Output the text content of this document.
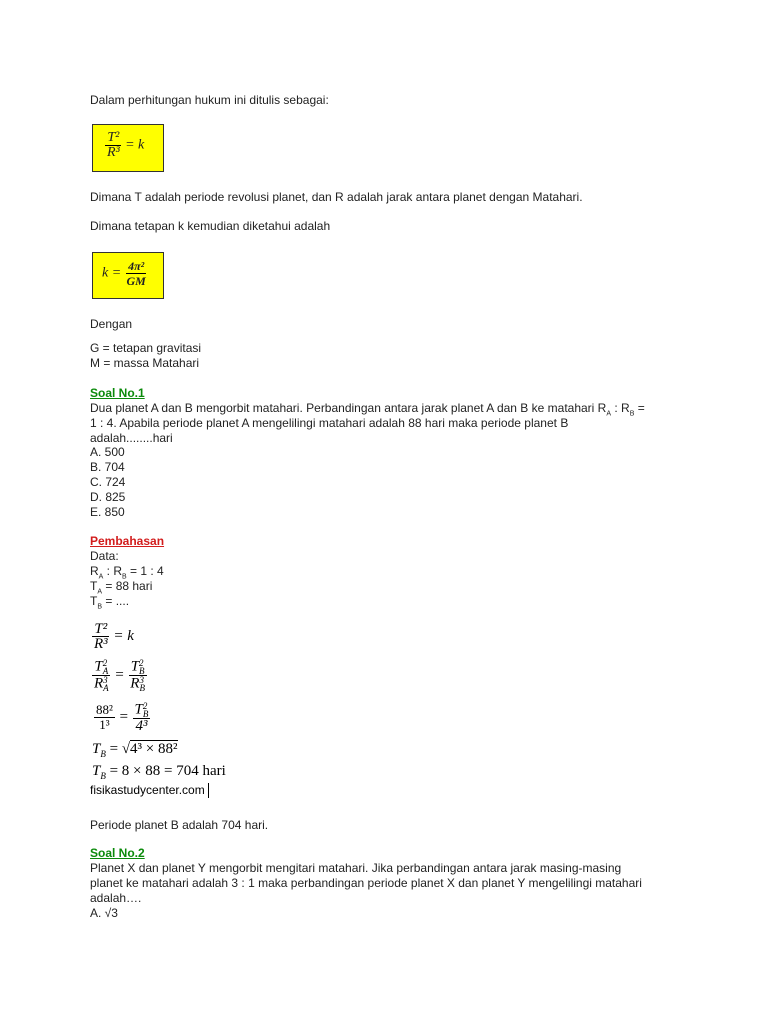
Dalam perhitungan hukum ini ditulis sebagai:
$\frac{\text{T²}}{\text{R³}} = k$
Dimana T adalah periode revolusi planet, dan R adalah jarak antara planet dengan Matahari.
Dimana tetapan k kemudian diketahui adalah
$k = \frac{\text{4π²}}{GM}$
Dengan
G = tetapan gravitasi
M = massa Matahari
Soal No.1
Dua planet A dan B mengorbit matahari. Perbandingan antara jarak planet A dan B ke matahari $R_A$ : $R_B$ =
1 : 4. Apabila periode planet A mengelilingi matahari adalah 88 hari maka periode planet B
adalah........hari
A. 500
B. 704
C. 724
D. 825
E. 850
Pembahasan
Data:
$R_A$ : $R_B = 1$ : 4
$T_A = 88$ hari
$T_B$ = ....
$\frac{\text{T²}}{\text{R³}} = k$
T 2
A
R 3
A = T 2
B
R 3
B
$\frac{\text{88²}}{\text{1³}} = T$ 2
B
4³
$T_B = √4^3 \times 88^2$
$T_B = 8 \times 88 = 704$ hari
fisikastudycenter.com
Periode planet B adalah 704 hari.
Soal No.2
Planet X dan planet Y mengorbit mengitari matahari. Jika perbandingan antara jarak masing-masing
planet ke matahari adalah 3 : 1 maka perbandingan periode planet X dan planet Y mengelilingi matahari
adalah….
A. √3
